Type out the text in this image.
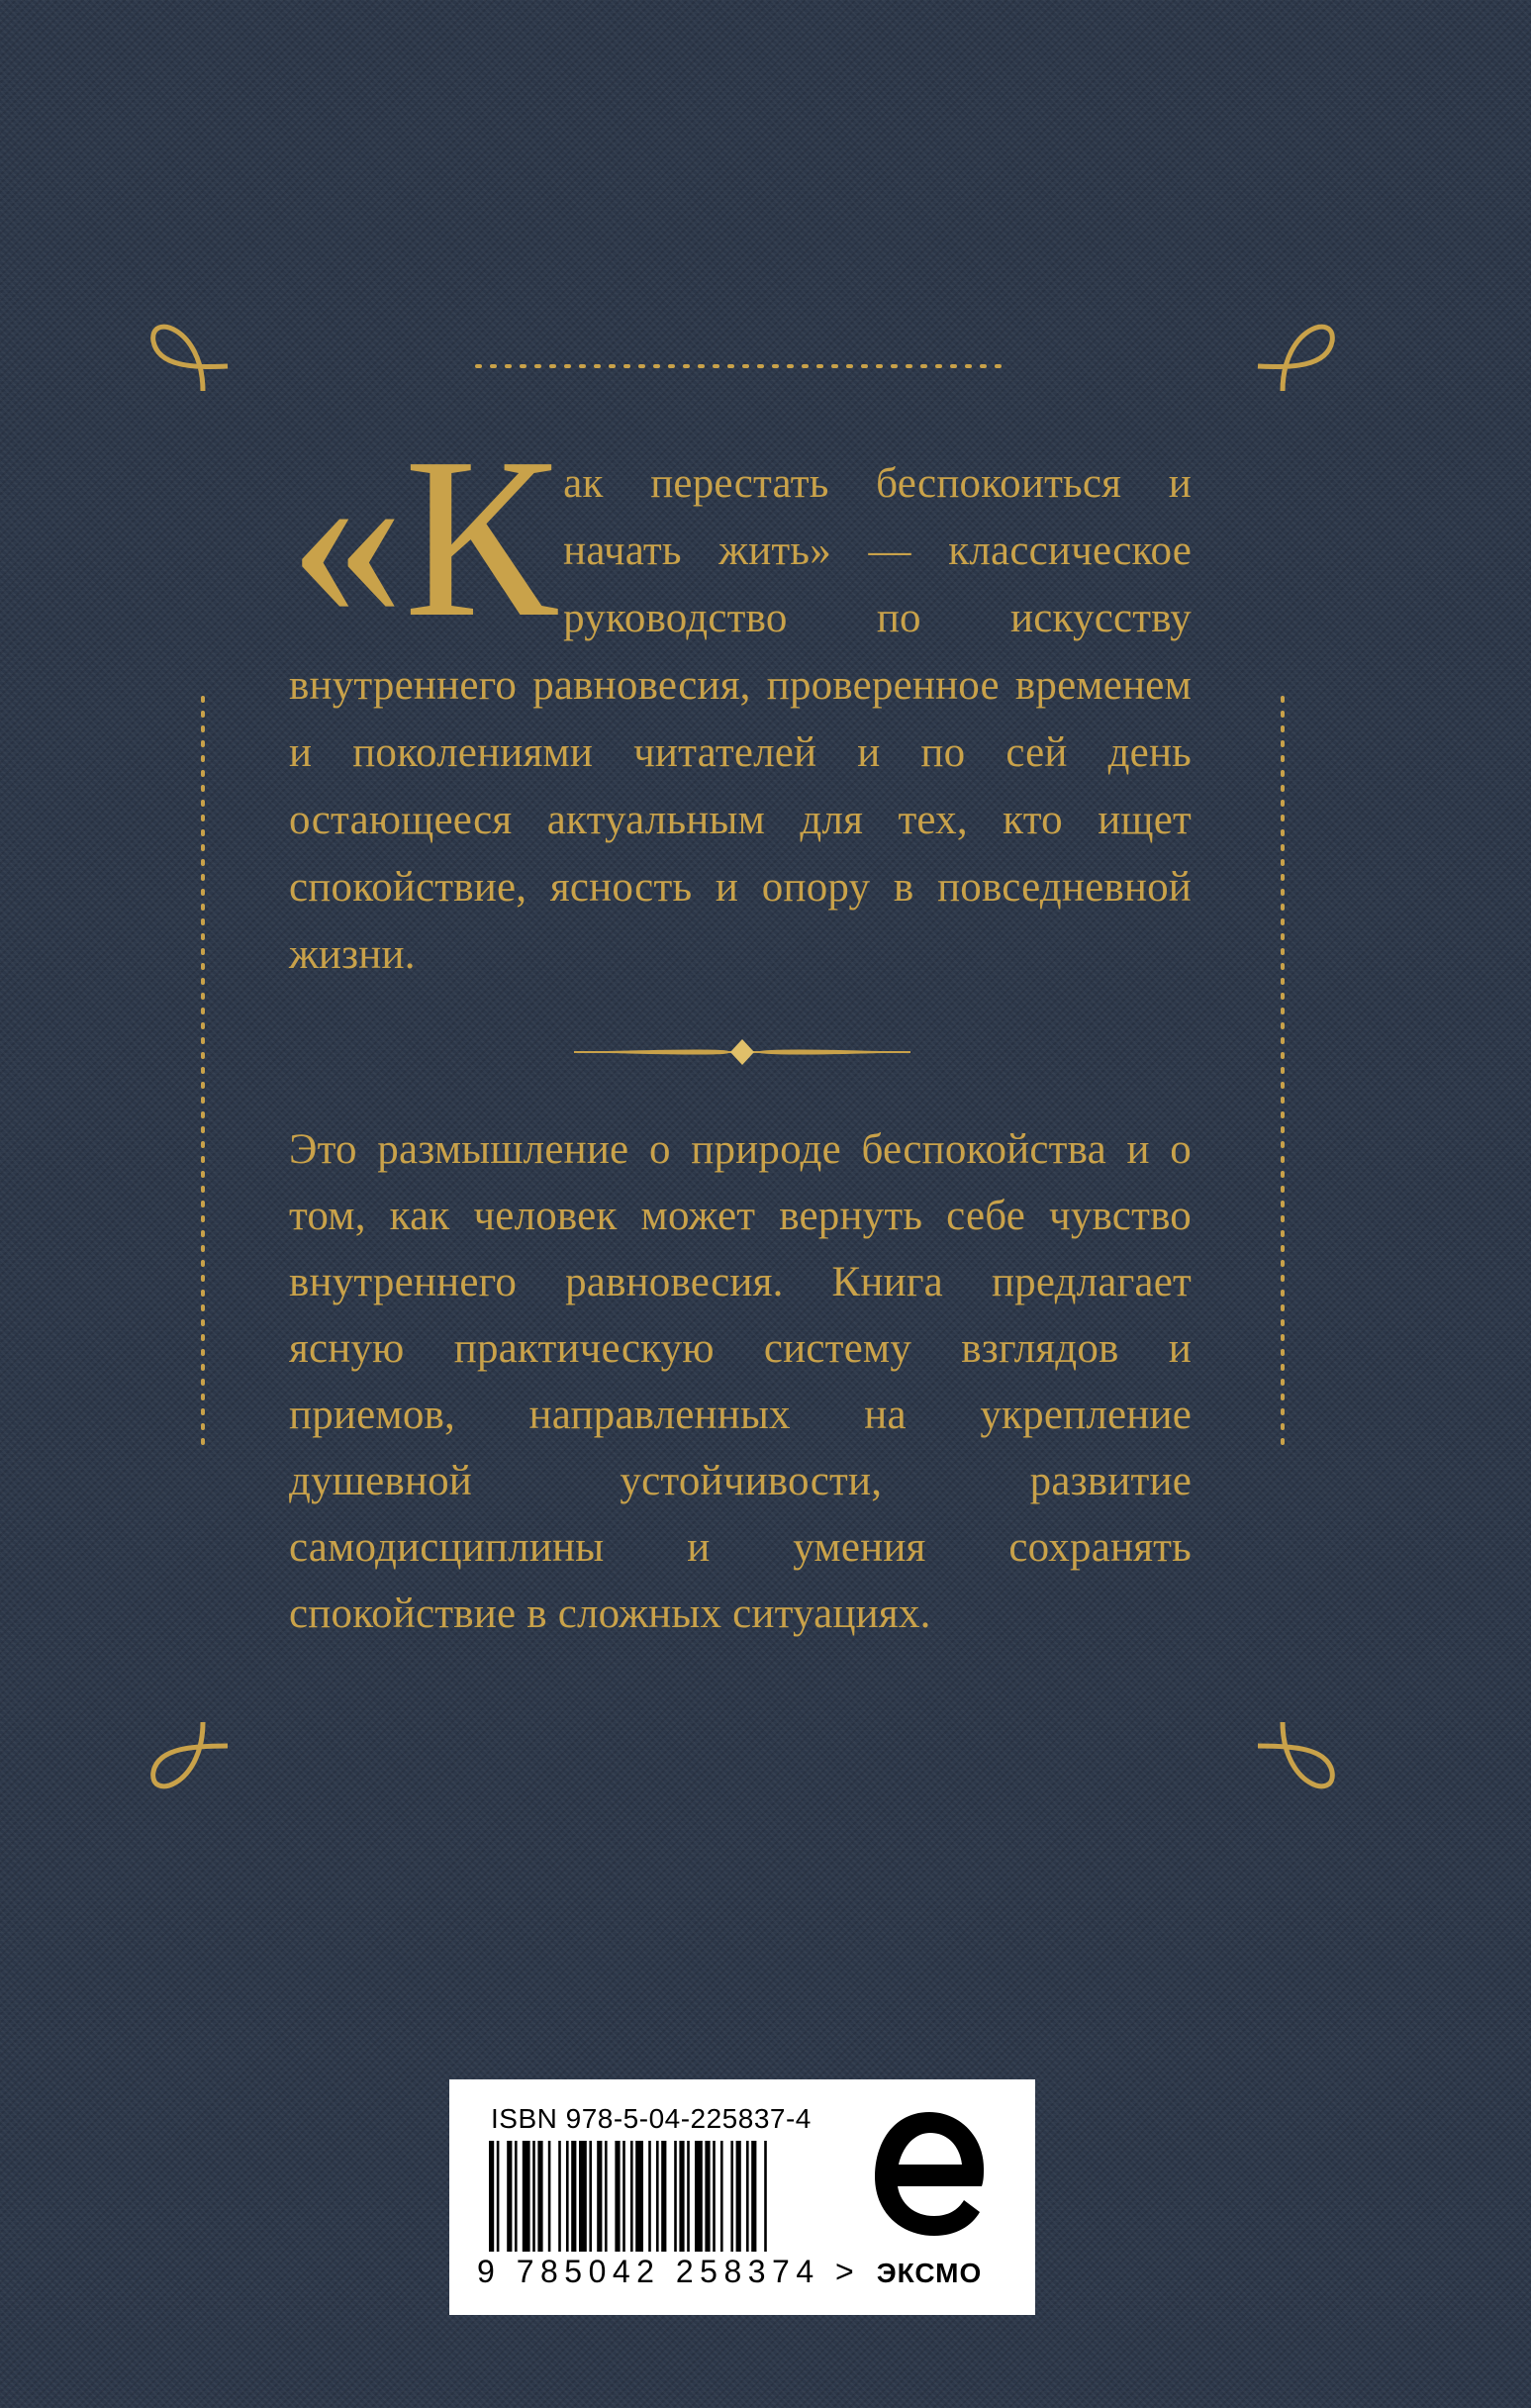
«Как перестать беспокоиться и начать жить» — классическое руководство по искусству внутреннего равновесия, проверенное временем и поколениями читателей и по сей день остающееся актуальным для тех, кто ищет спокойствие, ясность и опору в повседневной жизни.
Это размышление о природе беспокойства и о том, как человек может вернуть себе чувство внутреннего равновесия. Книга предлагает ясную практическую систему взглядов и приемов, направленных на укрепление душевной устойчивости, развитие самодисциплины и умения сохранять спокойствие в сложных ситуациях.
ISBN 978-5-04-225837-4
9 785042 258374 > ЭКСМО
